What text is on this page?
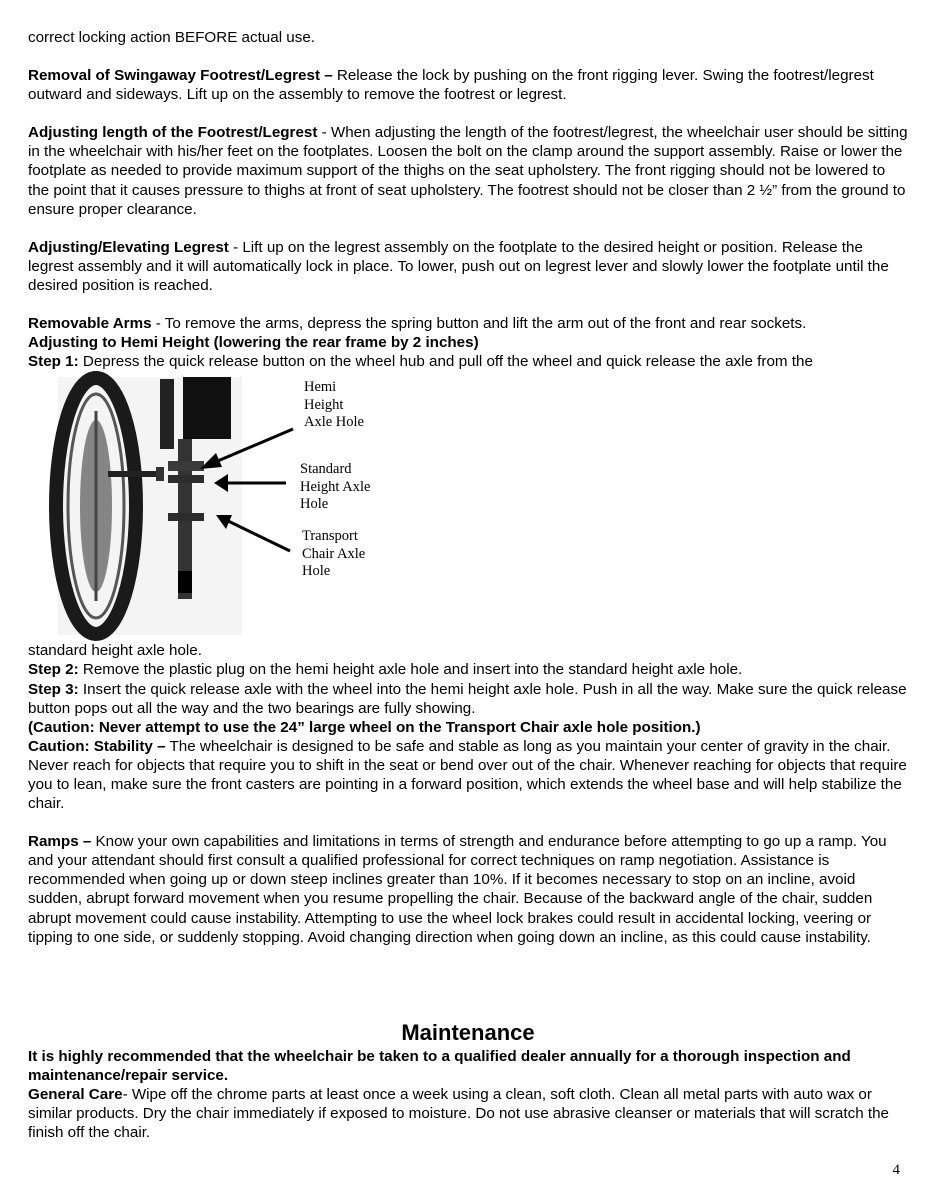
correct locking action BEFORE actual use.

Removal of Swingaway Footrest/Legrest – Release the lock by pushing on the front rigging lever. Swing the footrest/legrest outward and sideways. Lift up on the assembly to remove the footrest or legrest.

Adjusting length of the Footrest/Legrest - When adjusting the length of the footrest/legrest, the wheelchair user should be sitting in the wheelchair with his/her feet on the footplates. Loosen the bolt on the clamp around the support assembly. Raise or lower the footplate as needed to provide maximum support of the thighs on the seat upholstery. The front rigging should not be lowered to the point that it causes pressure to thighs at front of seat upholstery. The footrest should not be closer than 2 ½” from the ground to ensure proper clearance.

Adjusting/Elevating Legrest - Lift up on the legrest assembly on the footplate to the desired height or position. Release the legrest assembly and it will automatically lock in place. To lower, push out on legrest lever and slowly lower the footplate until the desired position is reached.

Removable Arms - To remove the arms, depress the spring button and lift the arm out of the front and rear sockets.

Adjusting to Hemi Height (lowering the rear frame by 2 inches)

Step 1: Depress the quick release button on the wheel hub and pull off the wheel and quick release the axle from the

Hemi
Height
Axle Hole
Standard
Height Axle
Hole
Transport
Chair Axle
Hole

standard height axle hole.

Step 2: Remove the plastic plug on the hemi height axle hole and insert into the standard height axle hole.

Step 3: Insert the quick release axle with the wheel into the hemi height axle hole. Push in all the way. Make sure the quick release button pops out all the way and the two bearings are fully showing.

(Caution: Never attempt to use the 24” large wheel on the Transport Chair axle hole position.)

Caution: Stability – The wheelchair is designed to be safe and stable as long as you maintain your center of gravity in the chair. Never reach for objects that require you to shift in the seat or bend over out of the chair. Whenever reaching for objects that require you to lean, make sure the front casters are pointing in a forward position, which extends the wheel base and will help stabilize the chair.

Ramps – Know your own capabilities and limitations in terms of strength and endurance before attempting to go up a ramp. You and your attendant should first consult a qualified professional for correct techniques on ramp negotiation. Assistance is recommended when going up or down steep inclines greater than 10%. If it becomes necessary to stop on an incline, avoid sudden, abrupt forward movement when you resume propelling the chair. Because of the backward angle of the chair, sudden abrupt movement could cause instability. Attempting to use the wheel lock brakes could result in accidental locking, veering or tipping to one side, or suddenly stopping. Avoid changing direction when going down an incline, as this could cause instability.

Maintenance

It is highly recommended that the wheelchair be taken to a qualified dealer annually for a thorough inspection and maintenance/repair service.

General Care- Wipe off the chrome parts at least once a week using a clean, soft cloth. Clean all metal parts with auto wax or similar products. Dry the chair immediately if exposed to moisture. Do not use abrasive cleanser or materials that will scratch the finish off the chair.

4
